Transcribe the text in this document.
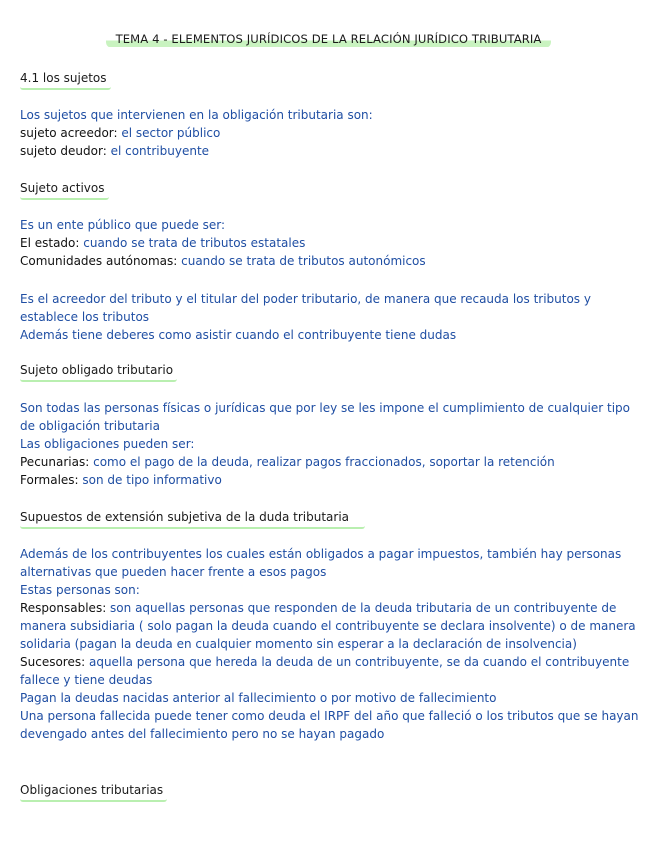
TEMA 4 - ELEMENTOS JURÍDICOS DE LA RELACIÓN JURÍDICO TRIBUTARIA
4.1 los sujetos

Los sujetos que intervienen en la obligación tributaria son:

sujeto acreedor: el sector público

sujeto deudor: el contribuyente

Sujeto activos

Es un ente público que puede ser:

El estado: cuando se trata de tributos estatales

Comunidades autónomas: cuando se trata de tributos autonómicos

Es el acreedor del tributo y el titular del poder tributario, de manera que recauda los tributos y establece los tributos

Además tiene deberes como asistir cuando el contribuyente tiene dudas

Sujeto obligado tributario

Son todas las personas físicas o jurídicas que por ley se les impone el cumplimiento de cualquier tipo de obligación tributaria

Las obligaciones pueden ser:

Pecunarias: como el pago de la deuda, realizar pagos fraccionados, soportar la retención

Formales: son de tipo informativo

Supuestos de extensión subjetiva de la duda tributaria

Además de los contribuyentes los cuales están obligados a pagar impuestos, también hay personas alternativas que pueden hacer frente a esos pagos

Estas personas son:

Responsables: son aquellas personas que responden de la deuda tributaria de un contribuyente de manera subsidiaria ( solo pagan la deuda cuando el contribuyente se declara insolvente) o de manera solidaria (pagan la deuda en cualquier momento sin esperar a la declaración de insolvencia)

Sucesores: aquella persona que hereda la deuda de un contribuyente, se da cuando el contribuyente fallece y tiene deudas

Pagan la deudas nacidas anterior al fallecimiento o por motivo de fallecimiento

Una persona fallecida puede tener como deuda el IRPF del año que falleció o los tributos que se hayan devengado antes del fallecimiento pero no se hayan pagado

Obligaciones tributarias
